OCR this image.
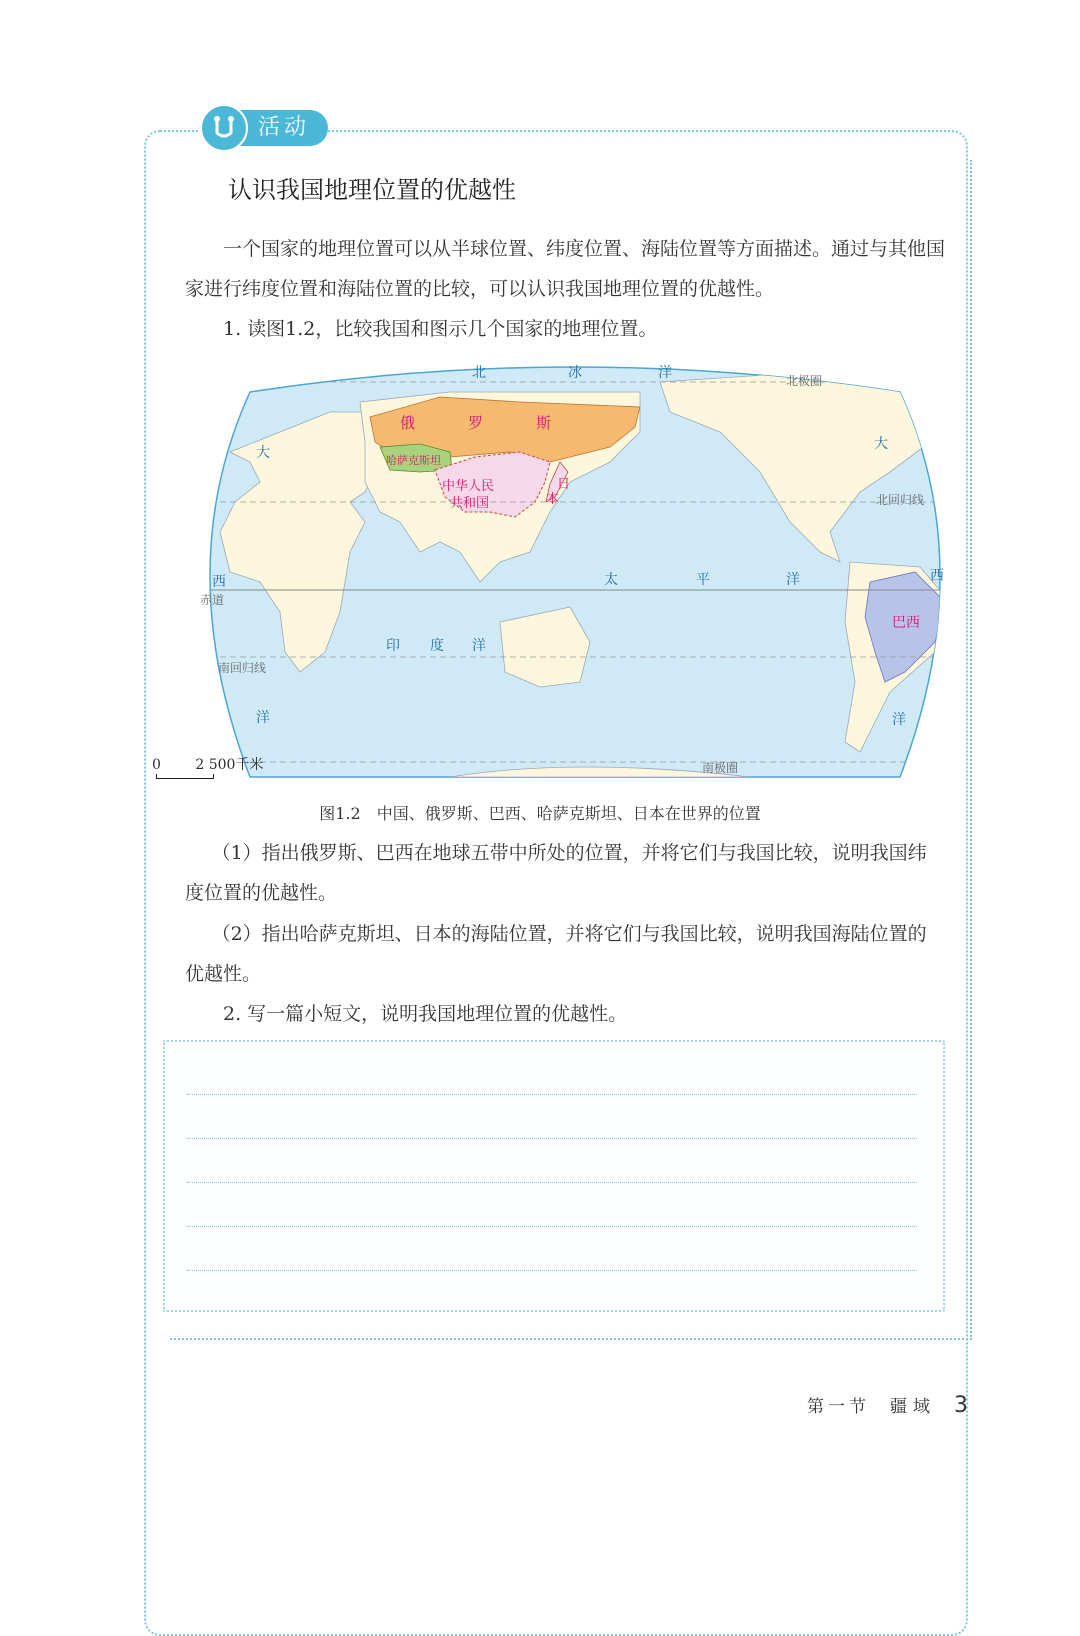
活动
认识我国地理位置的优越性
一个国家的地理位置可以从半球位置、纬度位置、海陆位置等方面描述。通过与其他国家进行纬度位置和海陆位置的比较，可以认识我国地理位置的优越性。
1. 读图1.2，比较我国和图示几个国家的地理位置。
俄	罗	斯
哈萨克斯坦
中华人民
共和国
日
本
巴西
北	冰	洋
大
西
洋
太	平	洋
印 度 洋
大
西
洋
北极圈
北回归线
赤道
南回归线
南极圈
0 2 500千米
图1.2　中国、俄罗斯、巴西、哈萨克斯坦、日本在世界的位置
（1）指出俄罗斯、巴西在地球五带中所处的位置，并将它们与我国比较，说明我国纬度位置的优越性。
（2）指出哈萨克斯坦、日本的海陆位置，并将它们与我国比较，说明我国海陆位置的优越性。
2. 写一篇小短文，说明我国地理位置的优越性。
第一节 疆域 3
